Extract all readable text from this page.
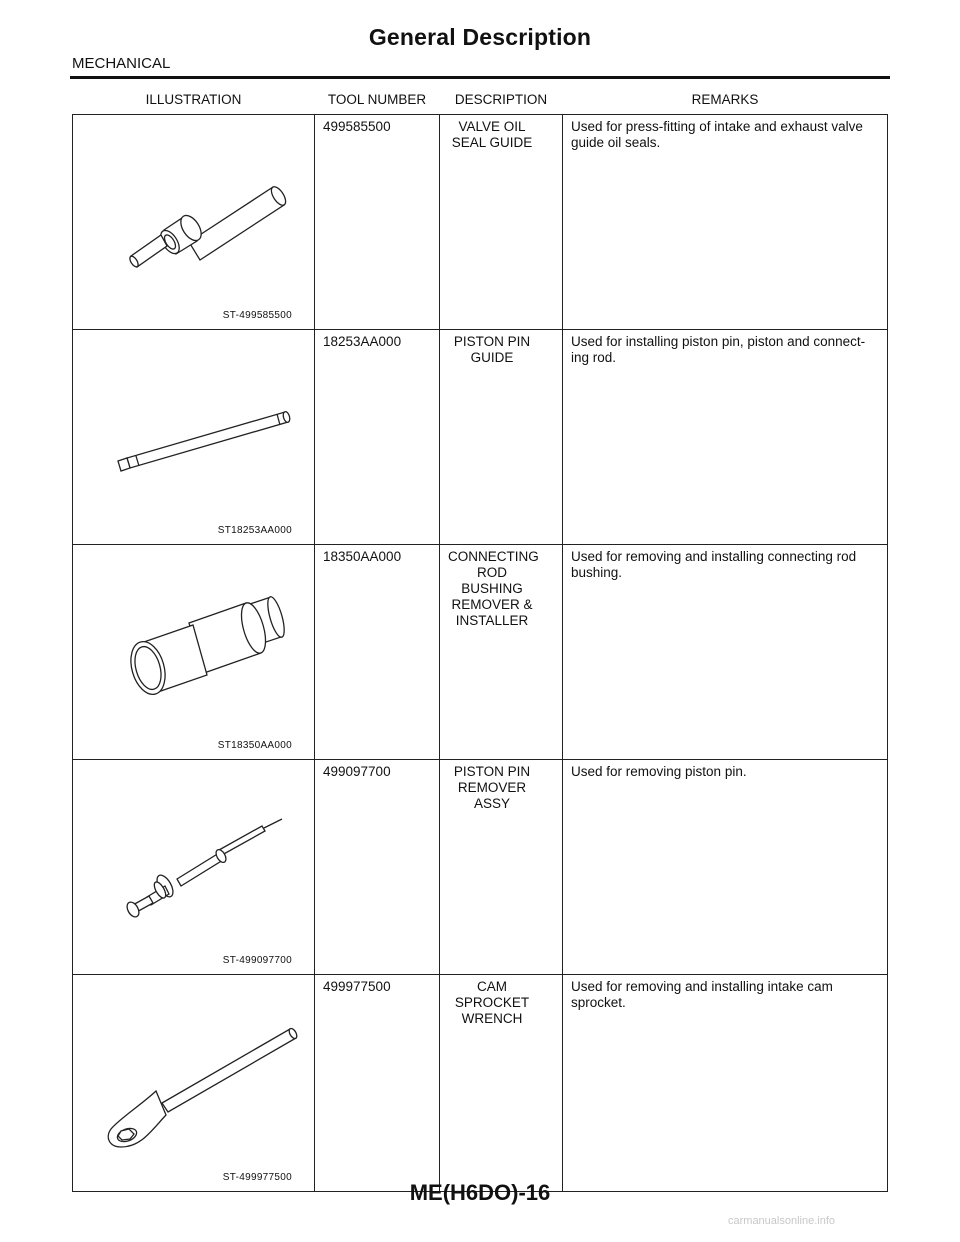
General Description
MECHANICAL
ILLUSTRATION	TOOL NUMBER	DESCRIPTION	REMARKS

ST-499585500	499585500	VALVE OIL SEAL GUIDE	Used for press-fitting of intake and exhaust valve guide oil seals.

ST18253AA000	18253AA000	PISTON PIN GUIDE	Used for installing piston pin, piston and connect-ing rod.

ST18350AA000	18350AA000	CONNECTING ROD BUSHING REMOVER & INSTALLER	Used for removing and installing connecting rod bushing.

ST-499097700	499097700	PISTON PIN REMOVER ASSY	Used for removing piston pin.

ST-499977500	499977500	CAM SPROCKET WRENCH	Used for removing and installing intake cam sprocket.
ME(H6DO)-16
carmanualsonline.info
